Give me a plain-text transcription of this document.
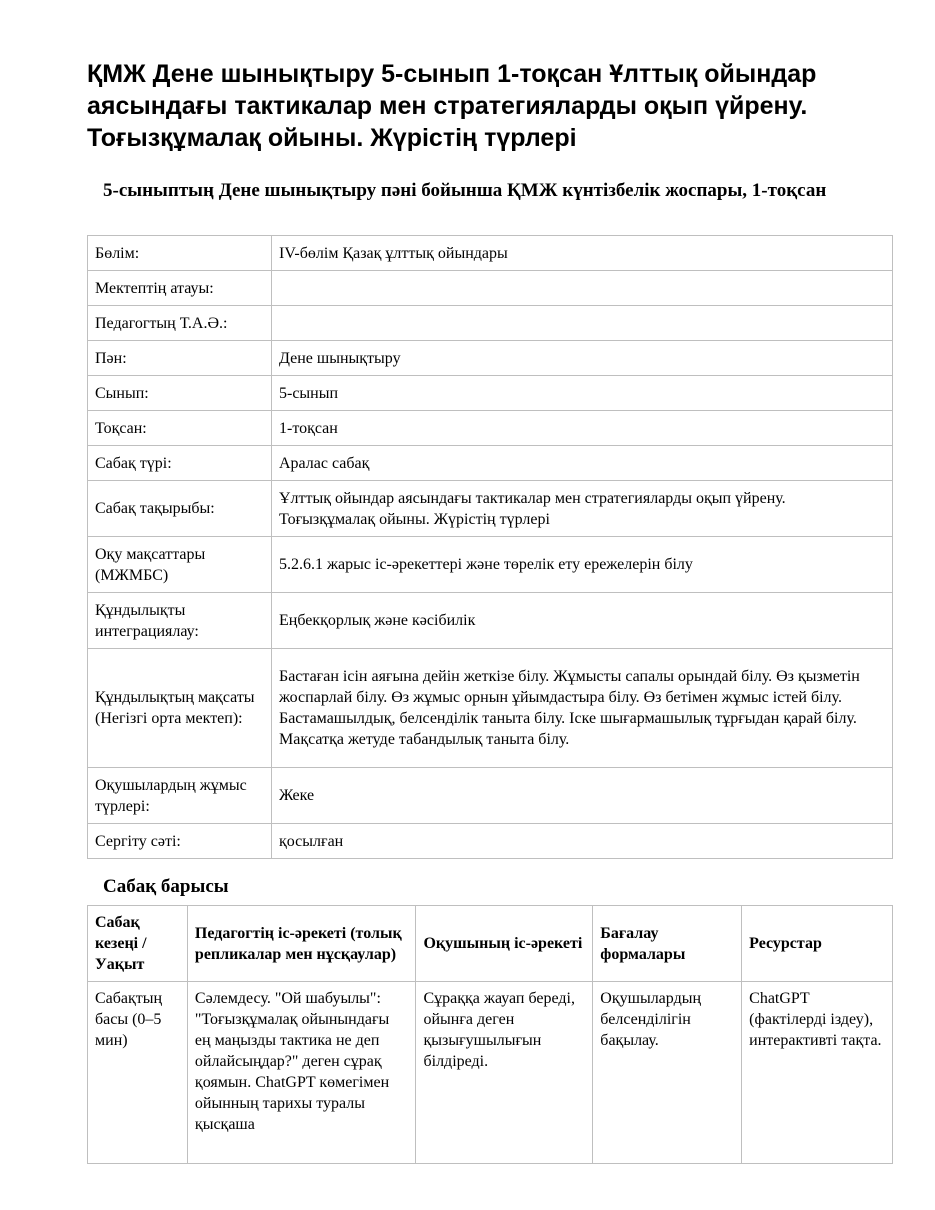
ҚМЖ Дене шынықтыру 5-сынып 1-тоқсан Ұлттық ойындар аясындағы тактикалар мен стратегияларды оқып үйрену. Тоғызқұмалақ ойыны. Жүрістің түрлері
5-сыныптың Дене шынықтыру пәні бойынша ҚМЖ күнтізбелік жоспары, 1-тоқсан
Бөлім:	IV-бөлім Қазақ ұлттық ойындары
Мектептің атауы:	
Педагогтың Т.А.Ә.:	
Пән:	Дене шынықтыру
Сынып:	5-сынып
Тоқсан:	1-тоқсан
Сабақ түрі:	Аралас сабақ
Сабақ тақырыбы:	Ұлттық ойындар аясындағы тактикалар мен стратегияларды оқып үйрену. Тоғызқұмалақ ойыны. Жүрістің түрлері
Оқу мақсаттары (МЖМБС)	5.2.6.1 жарыс іс-әрекеттері және төрелік ету ережелерін білу
Құндылықты интеграциялау:	Еңбекқорлық және кәсібилік
Құндылықтың мақсаты (Негізгі орта мектеп):	Бастаған ісін аяғына дейін жеткізе білу. Жұмысты сапалы орындай білу. Өз қызметін жоспарлай білу. Өз жұмыс орнын ұйымдастыра білу. Өз бетімен жұмыс істей білу. Бастамашылдық, белсенділік таныта білу. Іске шығармашылық тұрғыдан қарай білу. Мақсатқа жетуде табандылық таныта білу.
Оқушылардың жұмыс түрлері:	Жеке
Сергіту сәті:	қосылған
Сабақ барысы
Сабақ кезеңі / Уақыт	Педагогтің іс-әрекеті (толық репликалар мен нұсқаулар)	Оқушының іс-әрекеті	Бағалау формалары	Ресурстар
Сабақтың басы (0–5 мин)	Сәлемдесу. "Ой шабуылы": "Тоғызқұмалақ ойынындағы ең маңызды тактика не деп ойлайсыңдар?" деген сұрақ қоямын. ChatGPT көмегімен ойынның тарихы туралы қысқаша	Сұраққа жауап береді, ойынға деген қызығушылығын білдіреді.	Оқушылардың белсенділігін бақылау.	ChatGPT (фактілерді іздеу), интерактивті тақта.
